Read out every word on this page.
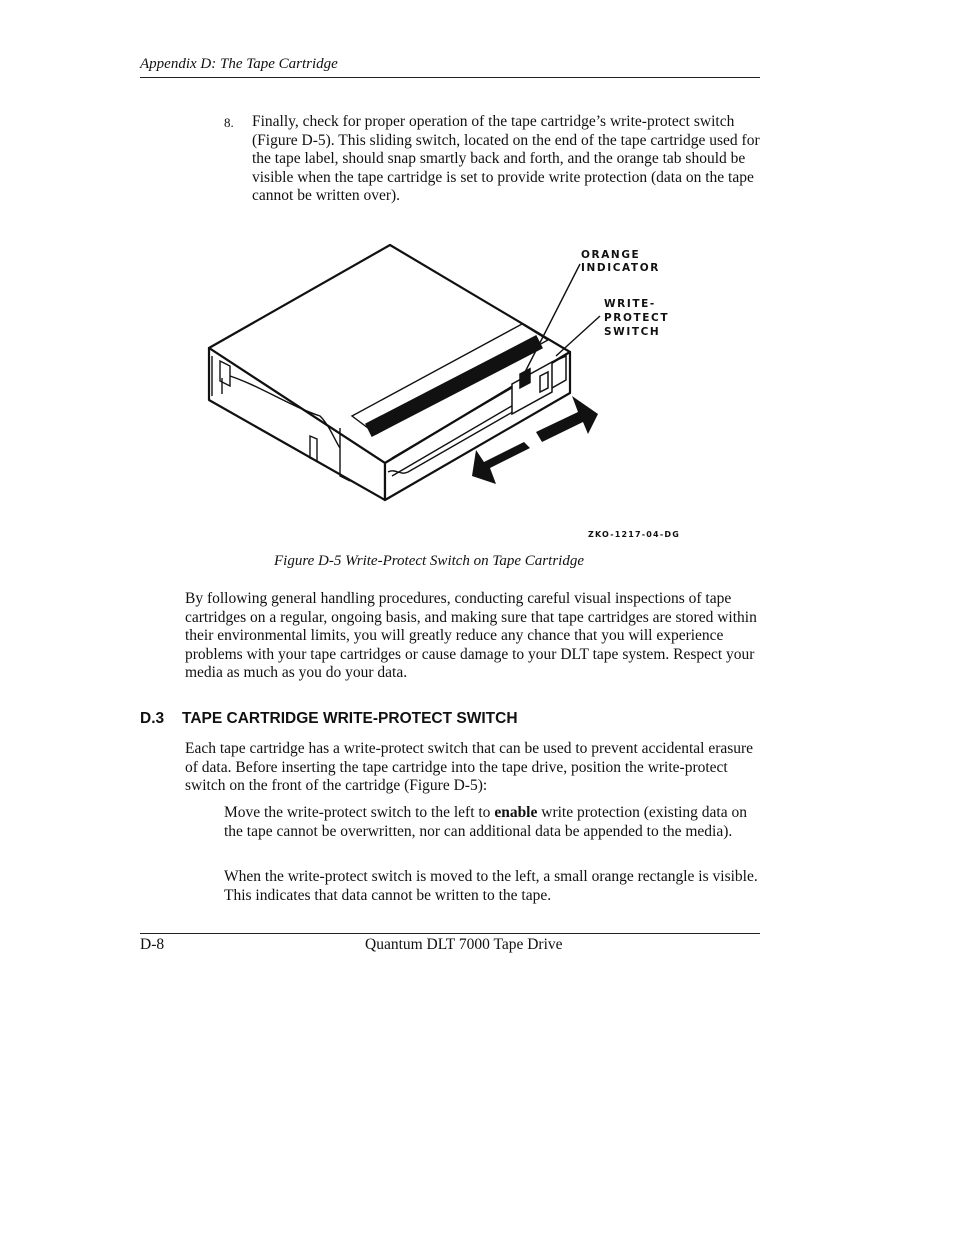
Appendix D: The Tape Cartridge
8. Finally, check for proper operation of the tape cartridge’s write-protect switch (Figure D-5). This sliding switch, located on the end of the tape cartridge used for the tape label, should snap smartly back and forth, and the orange tab should be visible when the tape cartridge is set to provide write protection (data on the tape cannot be written over).
ORANGE
INDICATOR
WRITE-
PROTECT
SWITCH
ZKO-1217-04-DG
Figure D-5 Write-Protect Switch on Tape Cartridge
By following general handling procedures, conducting careful visual inspections of tape cartridges on a regular, ongoing basis, and making sure that tape cartridges are stored within their environmental limits, you will greatly reduce any chance that you will experience problems with your tape cartridges or cause damage to your DLT tape system. Respect your media as much as you do your data.
D.3 TAPE CARTRIDGE WRITE-PROTECT SWITCH
Each tape cartridge has a write-protect switch that can be used to prevent accidental erasure of data. Before inserting the tape cartridge into the tape drive, position the write-protect switch on the front of the cartridge (Figure D-5):
Move the write-protect switch to the left to enable write protection (existing data on the tape cannot be overwritten, nor can additional data be appended to the media).
When the write-protect switch is moved to the left, a small orange rectangle is visible. This indicates that data cannot be written to the tape.
D-8	Quantum DLT 7000 Tape Drive
